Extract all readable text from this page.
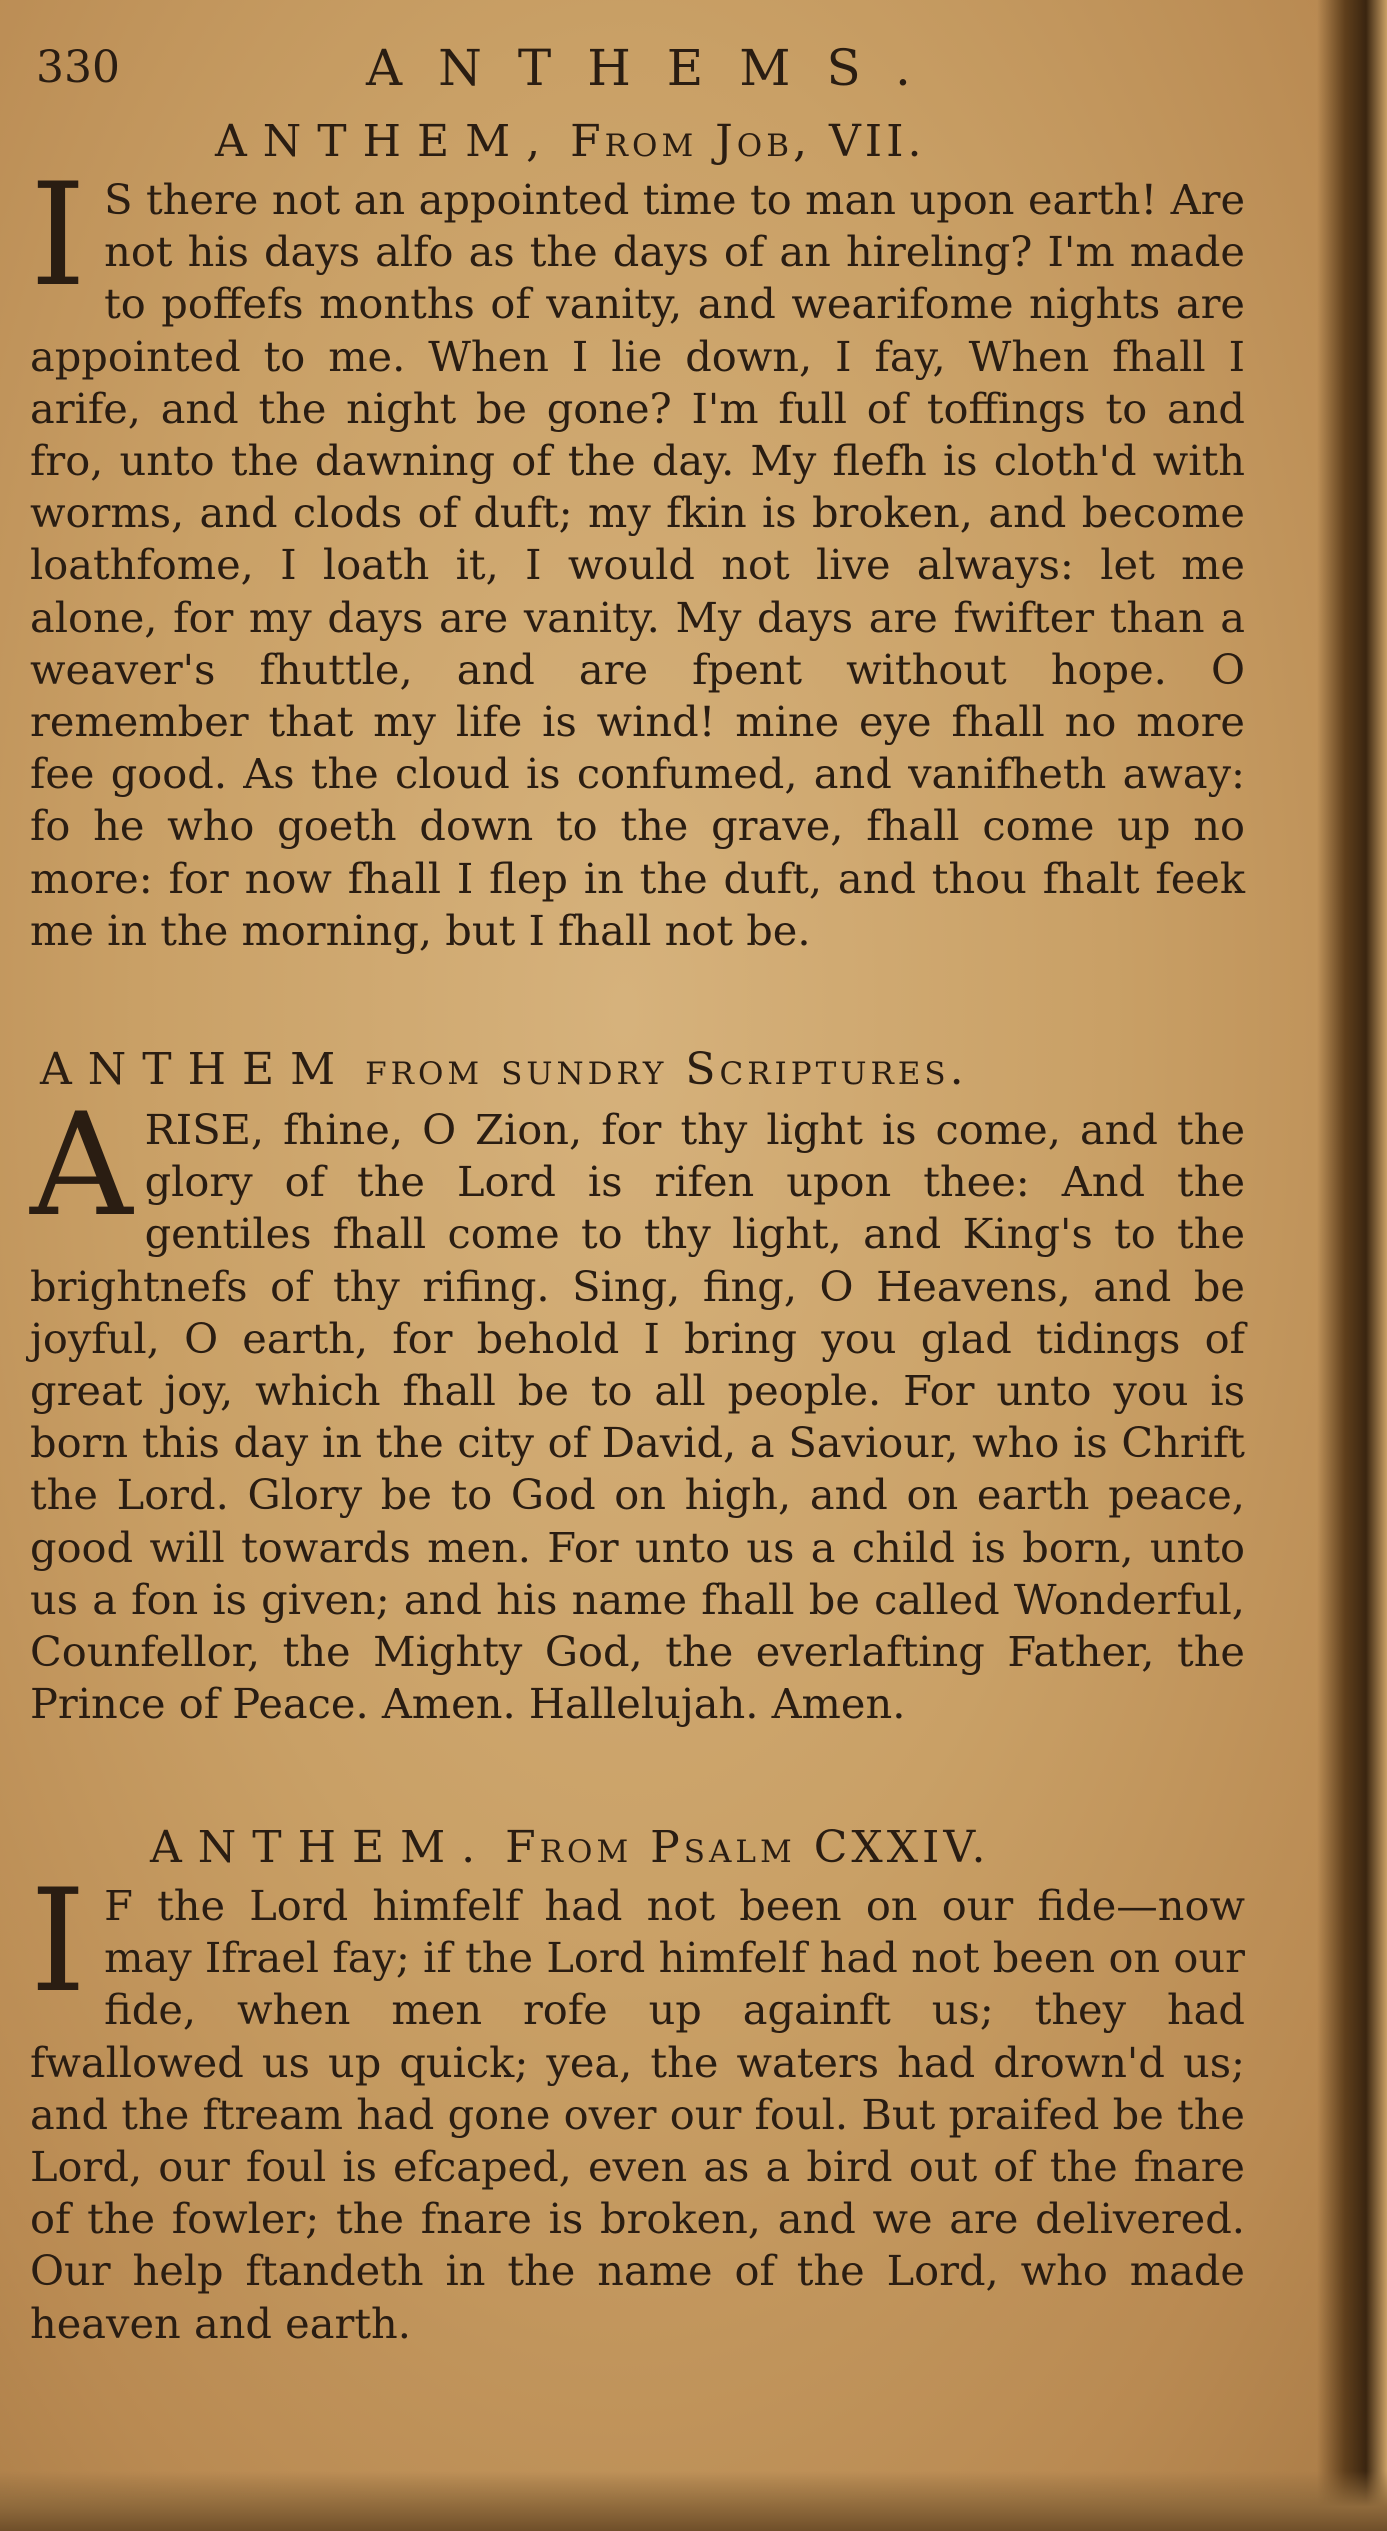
330	ANTHEMS.
ANTHEM, From Job, VII.

I S there not an appointed time to man upon earth! Are not his days alfo as the days of an hireling? I'm made to poffefs months of vanity, and wearifome nights are appointed to me. When I lie down, I fay, When fhall I arife, and the night be gone? I'm full of toffings to and fro, unto the dawning of the day. My flefh is cloth'd with worms, and clods of duft; my fkin is broken, and become loathfome, I loath it, I would not live always: let me alone, for my days are vanity. My days are fwifter than a weaver's fhuttle, and are fpent without hope. O remember that my life is wind! mine eye fhall no more fee good. As the cloud is confumed, and vanifheth away: fo he who goeth down to the grave, fhall come up no more: for now fhall I flep in the duft, and thou fhalt feek me in the morning, but I fhall not be.

ANTHEM from sundry Scriptures.

ARISE, fhine, O Zion, for thy light is come, and the glory of the Lord is rifen upon thee: And the gentiles fhall come to thy light, and King's to the brightnefs of thy rifing. Sing, fing, O Heavens, and be joyful, O earth, for behold I bring you glad tidings of great joy, which fhall be to all people. For unto you is born this day in the city of David, a Saviour, who is Chrift the Lord. Glory be to God on high, and on earth peace, good will towards men. For unto us a child is born, unto us a fon is given; and his name fhall be called Wonderful, Counfellor, the Mighty God, the everlafting Father, the Prince of Peace. Amen. Hallelujah. Amen.

ANTHEM. From Psalm CXXIV.

I F the Lord himfelf had not been on our fide—now may Ifrael fay; if the Lord himfelf had not been on our fide, when men rofe up againft us; they had fwallowed us up quick; yea, the waters had drown'd us; and the ftream had gone over our foul. But praifed be the Lord, our foul is efcaped, even as a bird out of the fnare of the fowler; the fnare is broken, and we are delivered. Our help ftandeth in the name of the Lord, who made heaven and earth.
